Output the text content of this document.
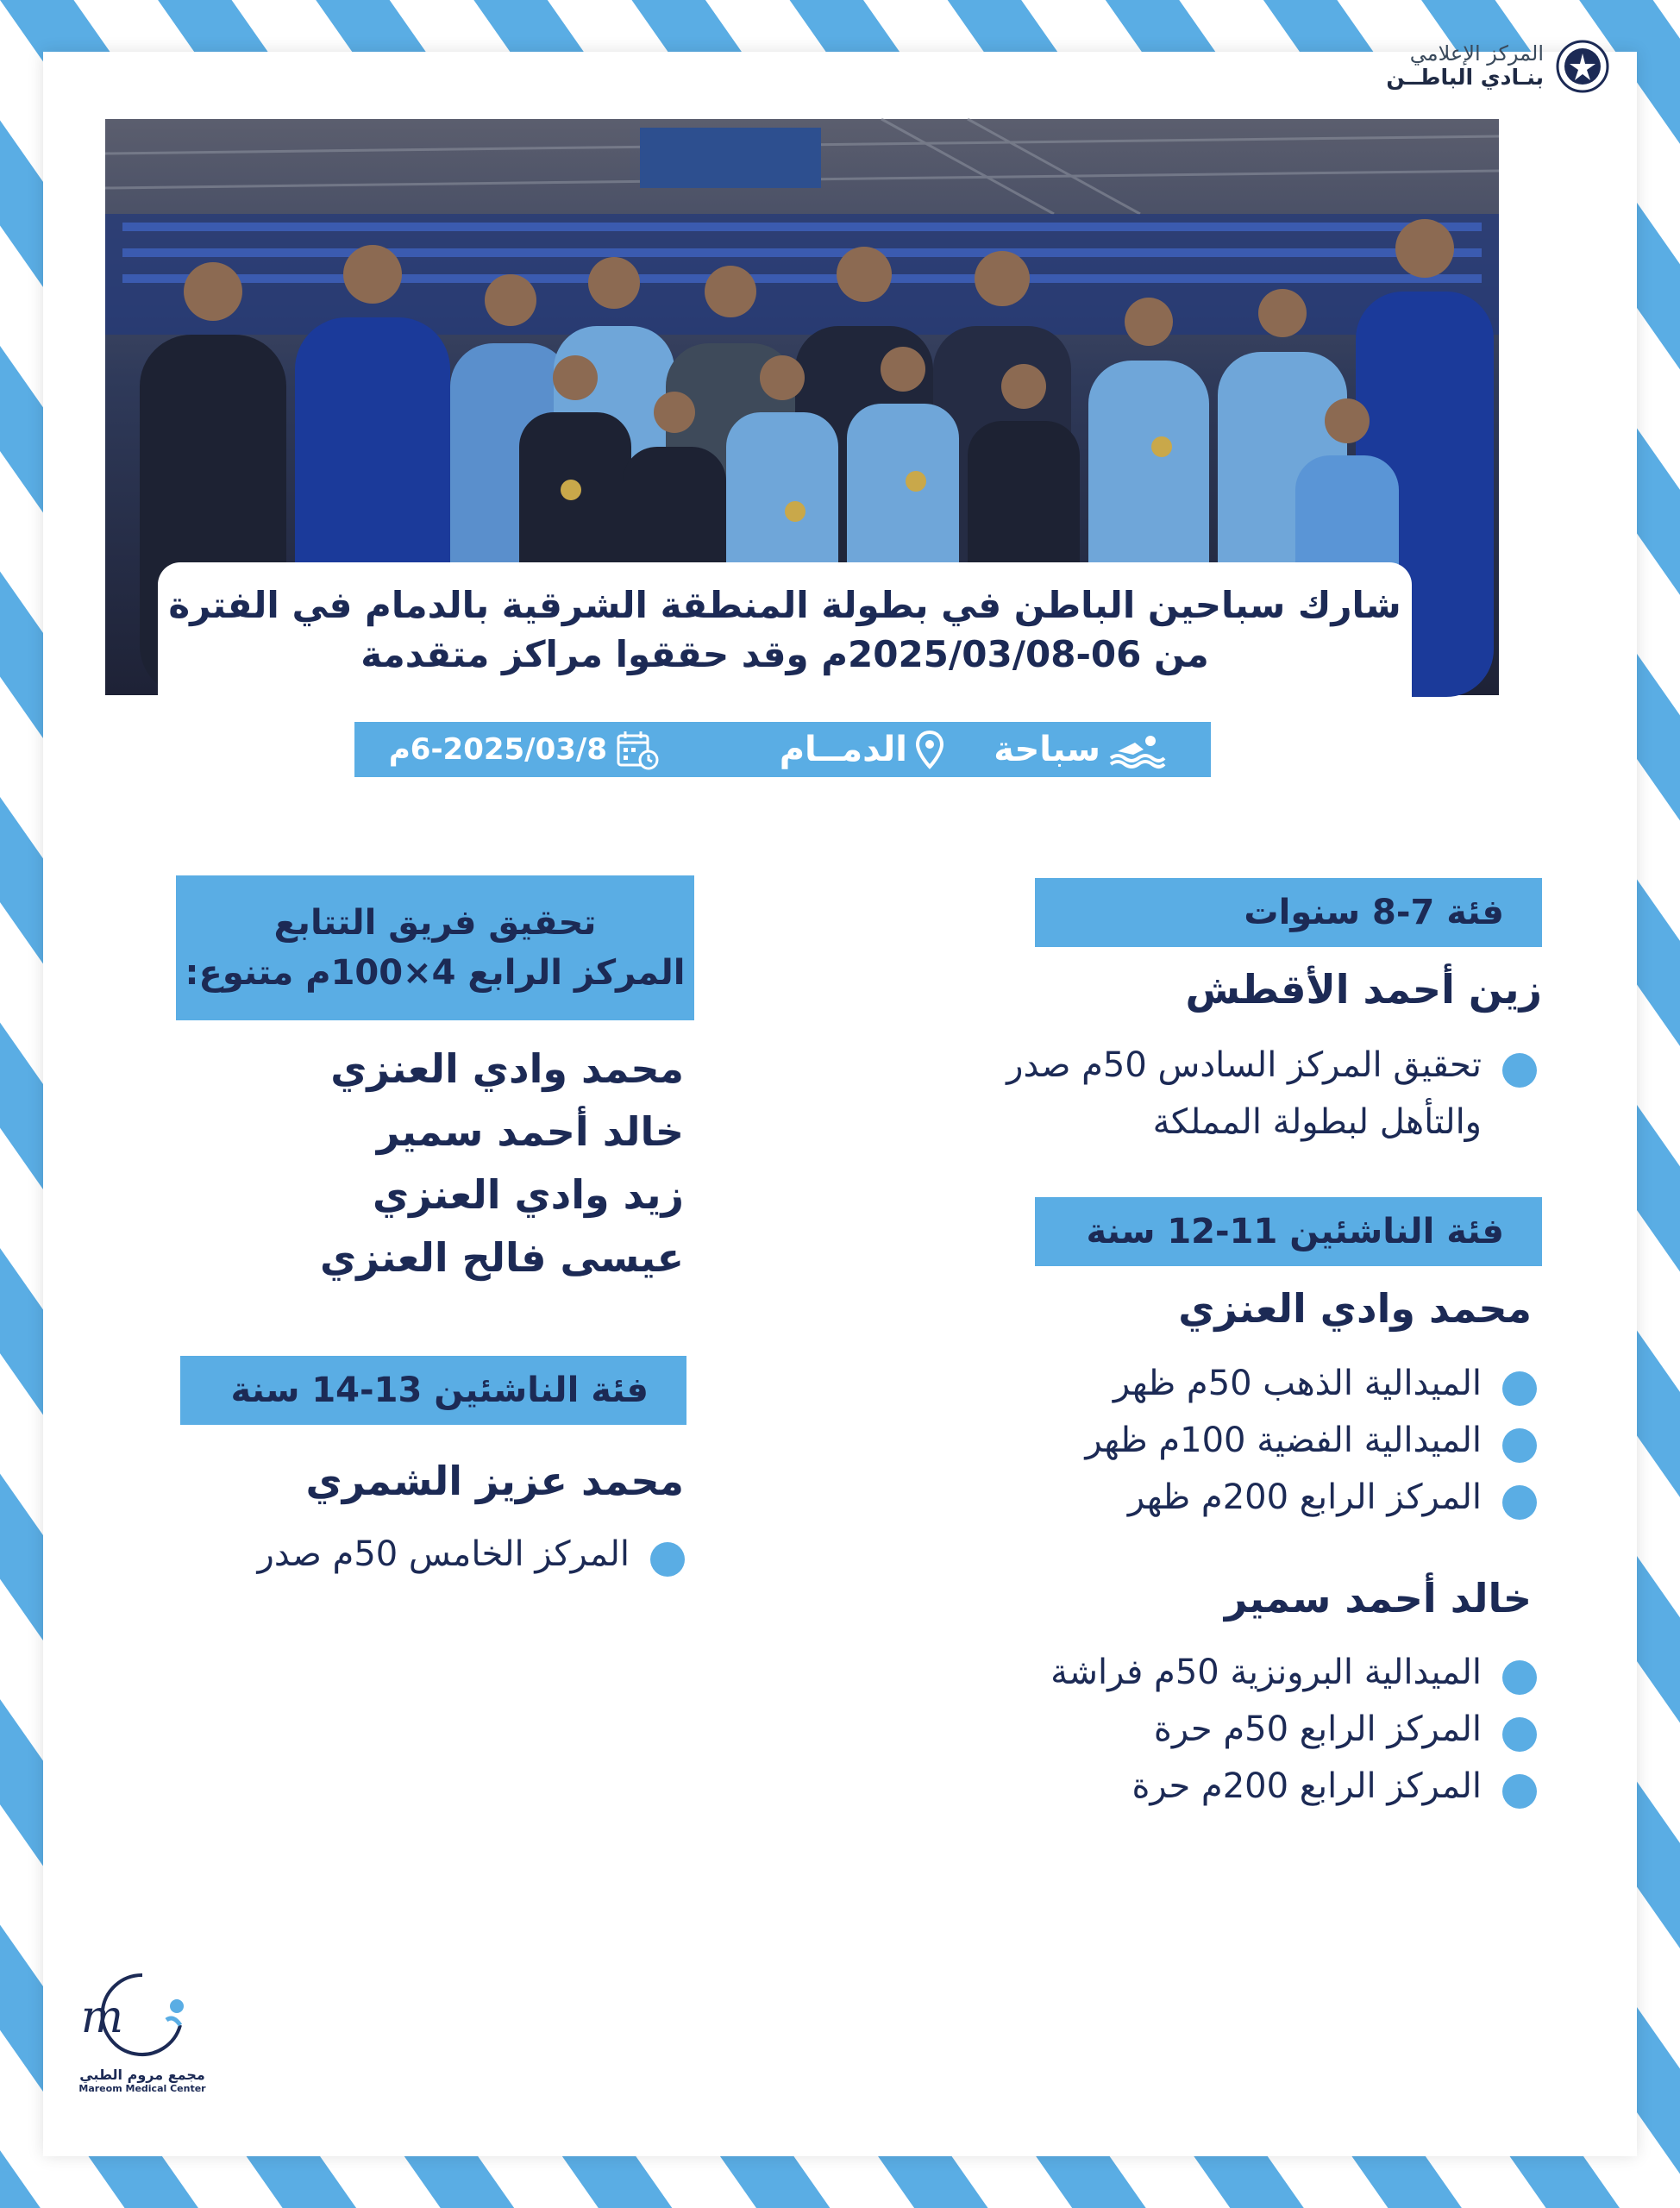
المركز الإعلامي
بنـادي الباطــن
شارك سباحين الباطن في بطولة المنطقة الشرقية بالدمام في الفترة
من 06-2025/03/08م وقد حققوا مراكز متقدمة
سباحة
الدمــام
6-2025/03/8م
فئة 7-8 سنوات
زين أحمد الأقطش
تحقيق المركز السادس 50م صدر
والتأهل لبطولة المملكة
فئة الناشئين 11-12 سنة
محمد وادي العنزي
الميدالية الذهب 50م ظهر
الميدالية الفضية 100م ظهر
المركز الرابع 200م ظهر
خالد أحمد سمير
الميدالية البرونزية 50م فراشة
المركز الرابع 50م حرة
المركز الرابع 200م حرة
تحقيق فريق التتابع
المركز الرابع 4×100م متنوع:
محمد وادي العنزي
خالد أحمد سمير
زيد وادي العنزي
عيسى فالح العنزي
فئة الناشئين 13-14 سنة
محمد عزيز الشمري
المركز الخامس 50م صدر
m
مجمع مروم الطبي
Mareom Medical Center
